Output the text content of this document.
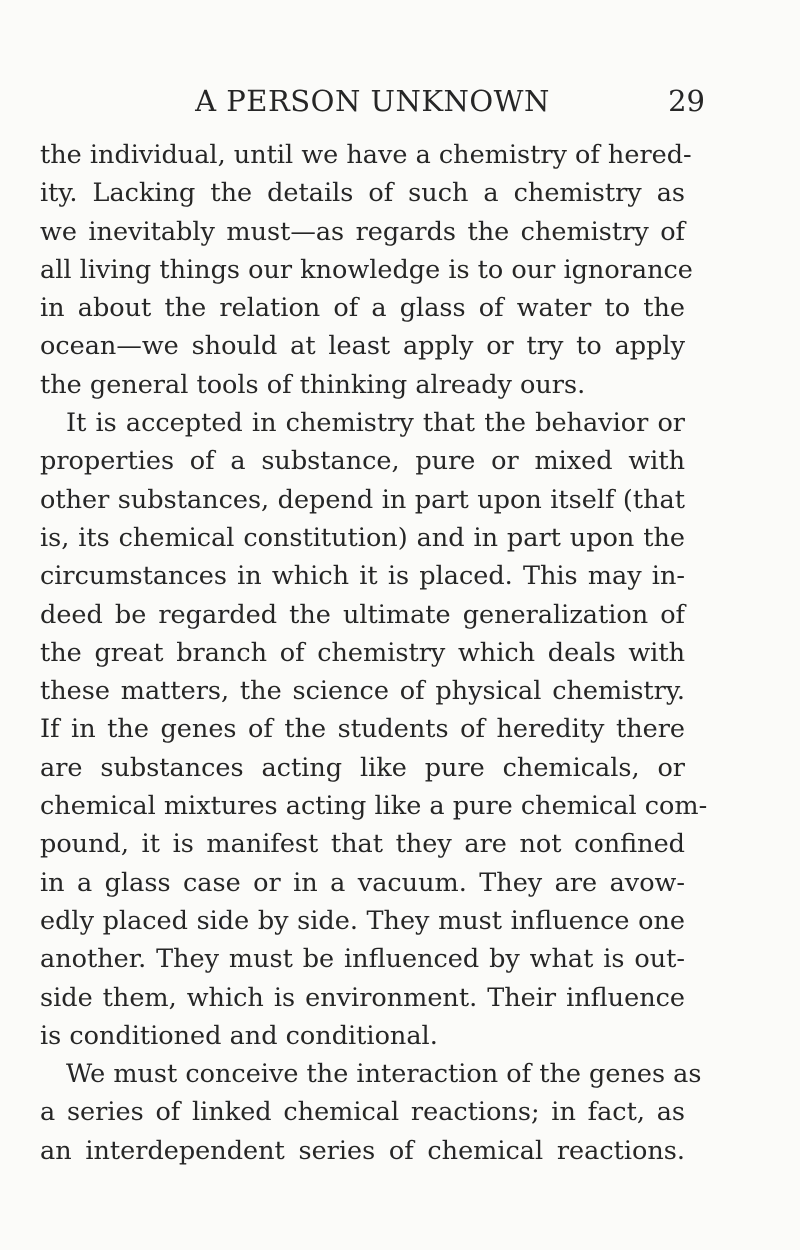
A PERSON UNKNOWN	29
the individual, until we have a chemistry of hered-
ity. Lacking the details of such a chemistry as
we inevitably must—as regards the chemistry of
all living things our knowledge is to our ignorance
in about the relation of a glass of water to the
ocean—we should at least apply or try to apply
the general tools of thinking already ours.
It is accepted in chemistry that the behavior or
properties of a substance, pure or mixed with
other substances, depend in part upon itself (that
is, its chemical constitution) and in part upon the
circumstances in which it is placed. This may in-
deed be regarded the ultimate generalization of
the great branch of chemistry which deals with
these matters, the science of physical chemistry.
If in the genes of the students of heredity there
are substances acting like pure chemicals, or
chemical mixtures acting like a pure chemical com-
pound, it is manifest that they are not confined
in a glass case or in a vacuum. They are avow-
edly placed side by side. They must influence one
another. They must be influenced by what is out-
side them, which is environment. Their influence
is conditioned and conditional.
We must conceive the interaction of the genes as
a series of linked chemical reactions; in fact, as
an interdependent series of chemical reactions.
